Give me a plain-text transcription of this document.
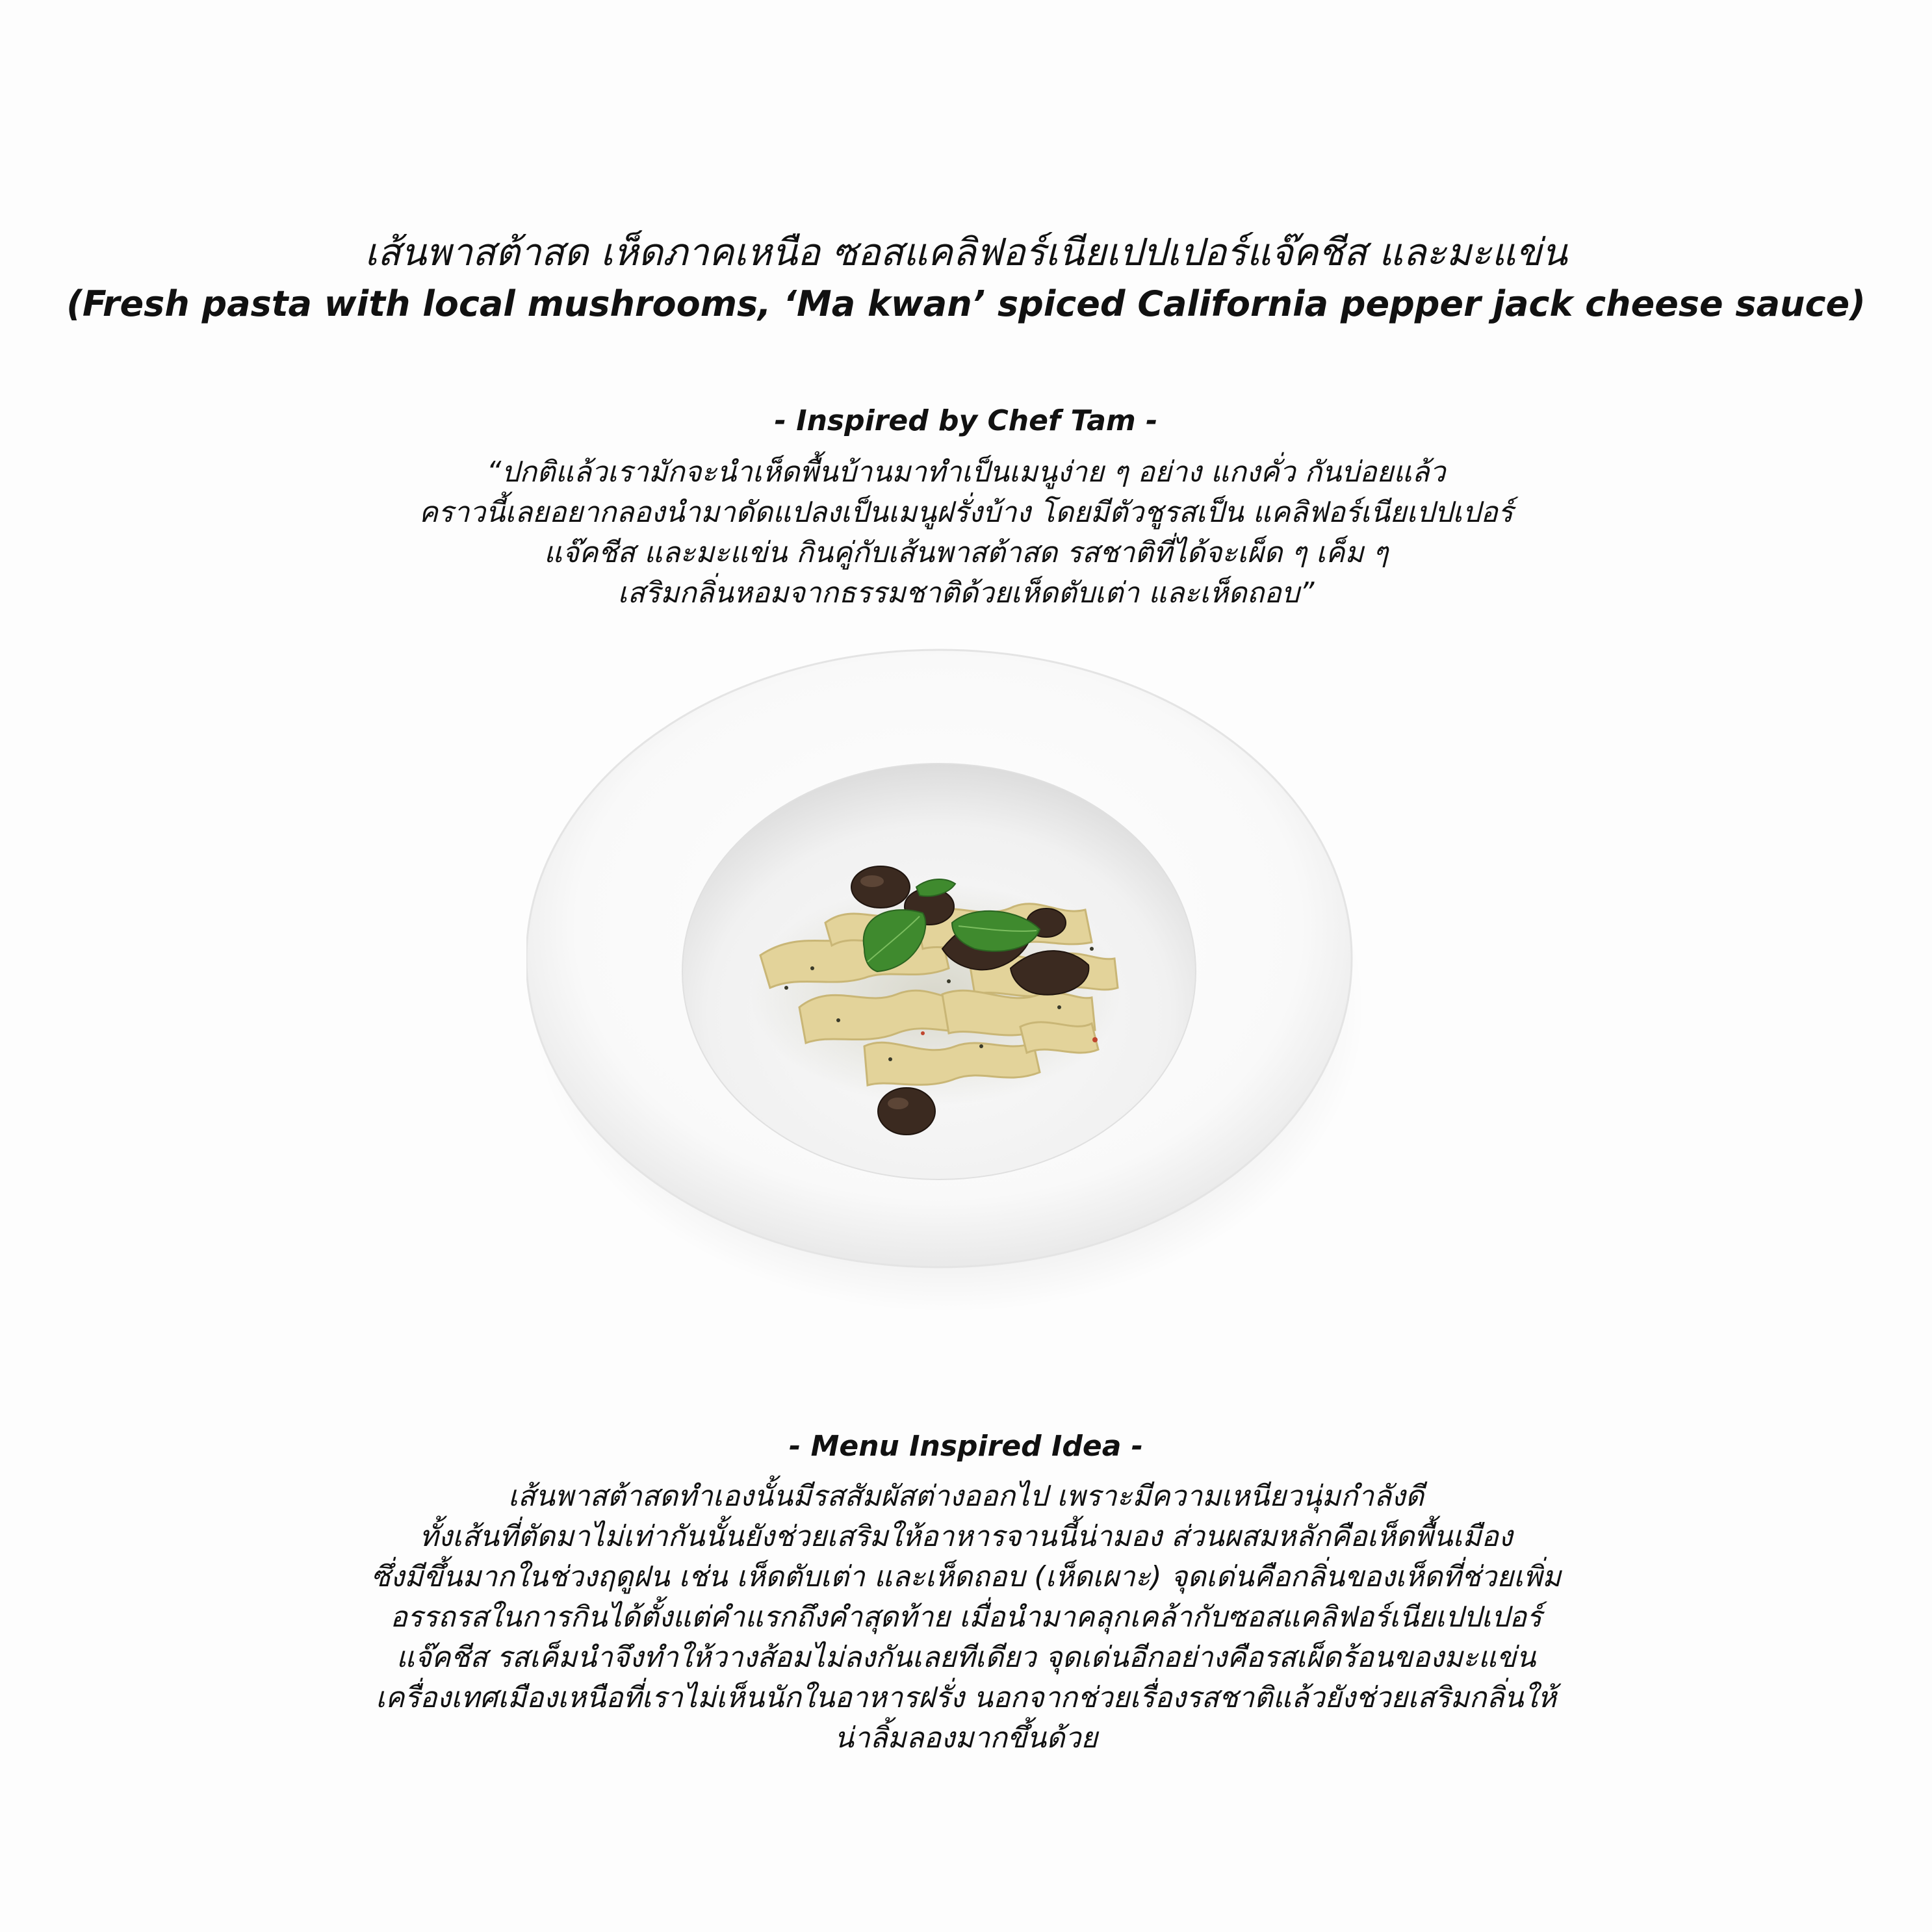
เส้นพาสต้าสด เห็ดภาคเหนือ ซอสแคลิฟอร์เนียเปปเปอร์แจ๊คชีส และมะแข่น
(Fresh pasta with local mushrooms, ‘Ma kwan’ spiced California pepper jack cheese sauce)
- Inspired by Chef Tam -
“ปกติแล้วเรามักจะนำเห็ดพื้นบ้านมาทำเป็นเมนูง่าย ๆ อย่าง แกงคั่ว กันบ่อยแล้ว
คราวนี้เลยอยากลองนำมาดัดแปลงเป็นเมนูฝรั่งบ้าง โดยมีตัวชูรสเป็น แคลิฟอร์เนียเปปเปอร์
แจ๊คชีส และมะแข่น กินคู่กับเส้นพาสต้าสด รสชาติที่ได้จะเผ็ด ๆ เค็ม ๆ
เสริมกลิ่นหอมจากธรรมชาติด้วยเห็ดตับเต่า และเห็ดถอบ”
- Menu Inspired Idea -
เส้นพาสต้าสดทำเองนั้นมีรสสัมผัสต่างออกไป เพราะมีความเหนียวนุ่มกำลังดี
ทั้งเส้นที่ตัดมาไม่เท่ากันนั้นยังช่วยเสริมให้อาหารจานนี้น่ามอง ส่วนผสมหลักคือเห็ดพื้นเมือง
ซึ่งมีขึ้นมากในช่วงฤดูฝน เช่น เห็ดตับเต่า และเห็ดถอบ (เห็ดเผาะ) จุดเด่นคือกลิ่นของเห็ดที่ช่วยเพิ่ม
อรรถรสในการกินได้ตั้งแต่คำแรกถึงคำสุดท้าย เมื่อนำมาคลุกเคล้ากับซอสแคลิฟอร์เนียเปปเปอร์
แจ๊คชีส รสเค็มนำจึงทำให้วางส้อมไม่ลงกันเลยทีเดียว จุดเด่นอีกอย่างคือรสเผ็ดร้อนของมะแข่น
เครื่องเทศเมืองเหนือที่เราไม่เห็นนักในอาหารฝรั่ง นอกจากช่วยเรื่องรสชาติแล้วยังช่วยเสริมกลิ่นให้
น่าลิ้มลองมากขึ้นด้วย
